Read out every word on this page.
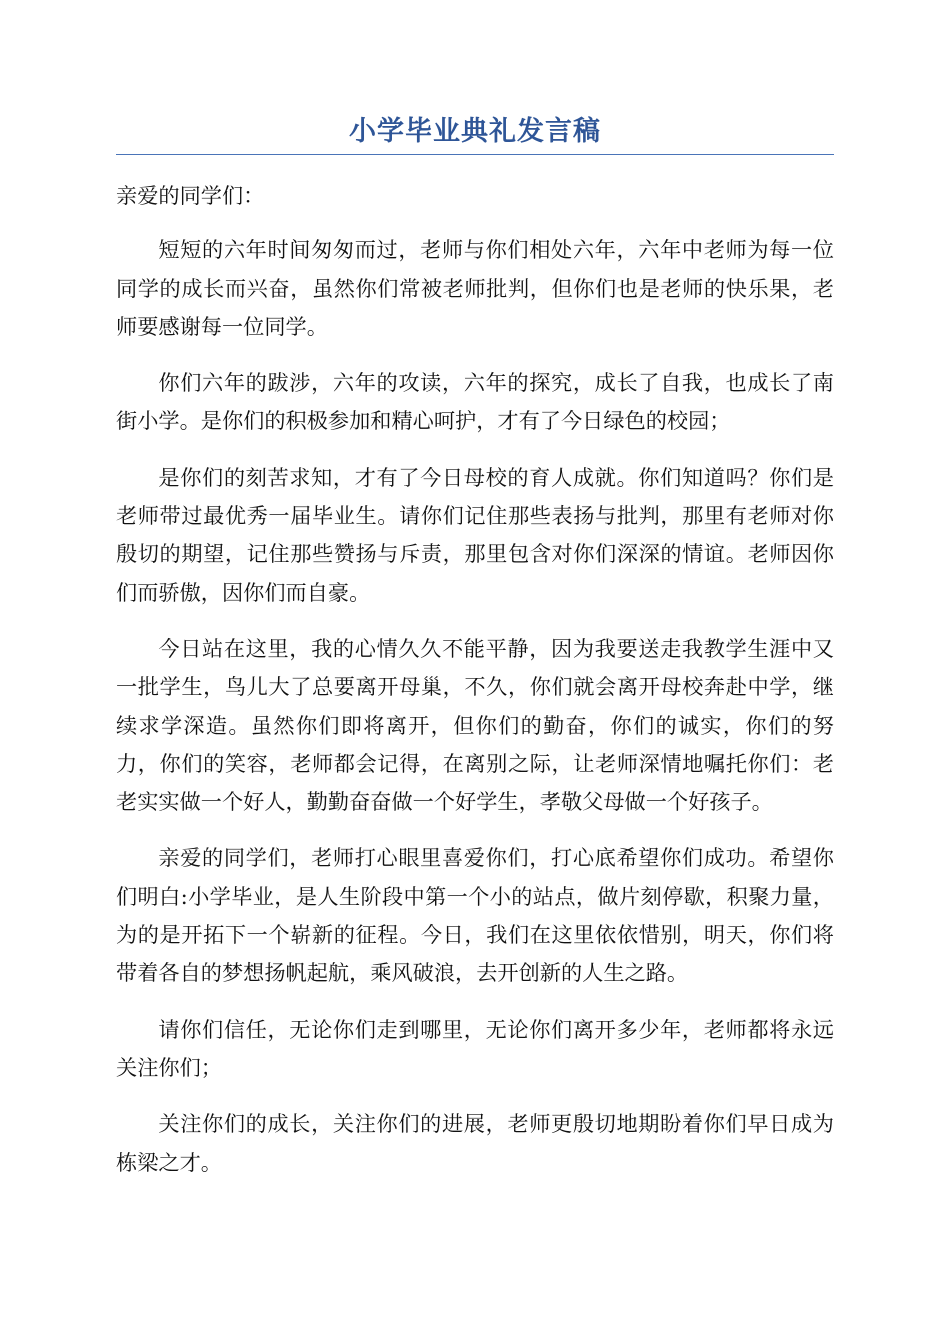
小学毕业典礼发言稿

亲爱的同学们：

短短的六年时间匆匆而过，老师与你们相处六年，六年中老师为每一位同学的成长而兴奋，虽然你们常被老师批判，但你们也是老师的快乐果，老师要感谢每一位同学。

你们六年的跋涉，六年的攻读，六年的探究，成长了自我，也成长了南街小学。是你们的积极参加和精心呵护，才有了今日绿色的校园；

是你们的刻苦求知，才有了今日母校的育人成就。你们知道吗？你们是老师带过最优秀一届毕业生。请你们记住那些表扬与批判，那里有老师对你殷切的期望，记住那些赞扬与斥责，那里包含对你们深深的情谊。老师因你们而骄傲，因你们而自豪。

今日站在这里，我的心情久久不能平静，因为我要送走我教学生涯中又一批学生，鸟儿大了总要离开母巢，不久，你们就会离开母校奔赴中学，继续求学深造。虽然你们即将离开，但你们的勤奋，你们的诚实，你们的努力，你们的笑容，老师都会记得，在离别之际，让老师深情地嘱托你们：老老实实做一个好人，勤勤奋奋做一个好学生，孝敬父母做一个好孩子。

亲爱的同学们，老师打心眼里喜爱你们，打心底希望你们成功。希望你们明白:小学毕业，是人生阶段中第一个小的站点，做片刻停歇，积聚力量，为的是开拓下一个崭新的征程。今日，我们在这里依依惜别，明天，你们将带着各自的梦想扬帆起航，乘风破浪，去开创新的人生之路。

请你们信任，无论你们走到哪里，无论你们离开多少年，老师都将永远关注你们；

关注你们的成长，关注你们的进展，老师更殷切地期盼着你们早日成为栋梁之才。
